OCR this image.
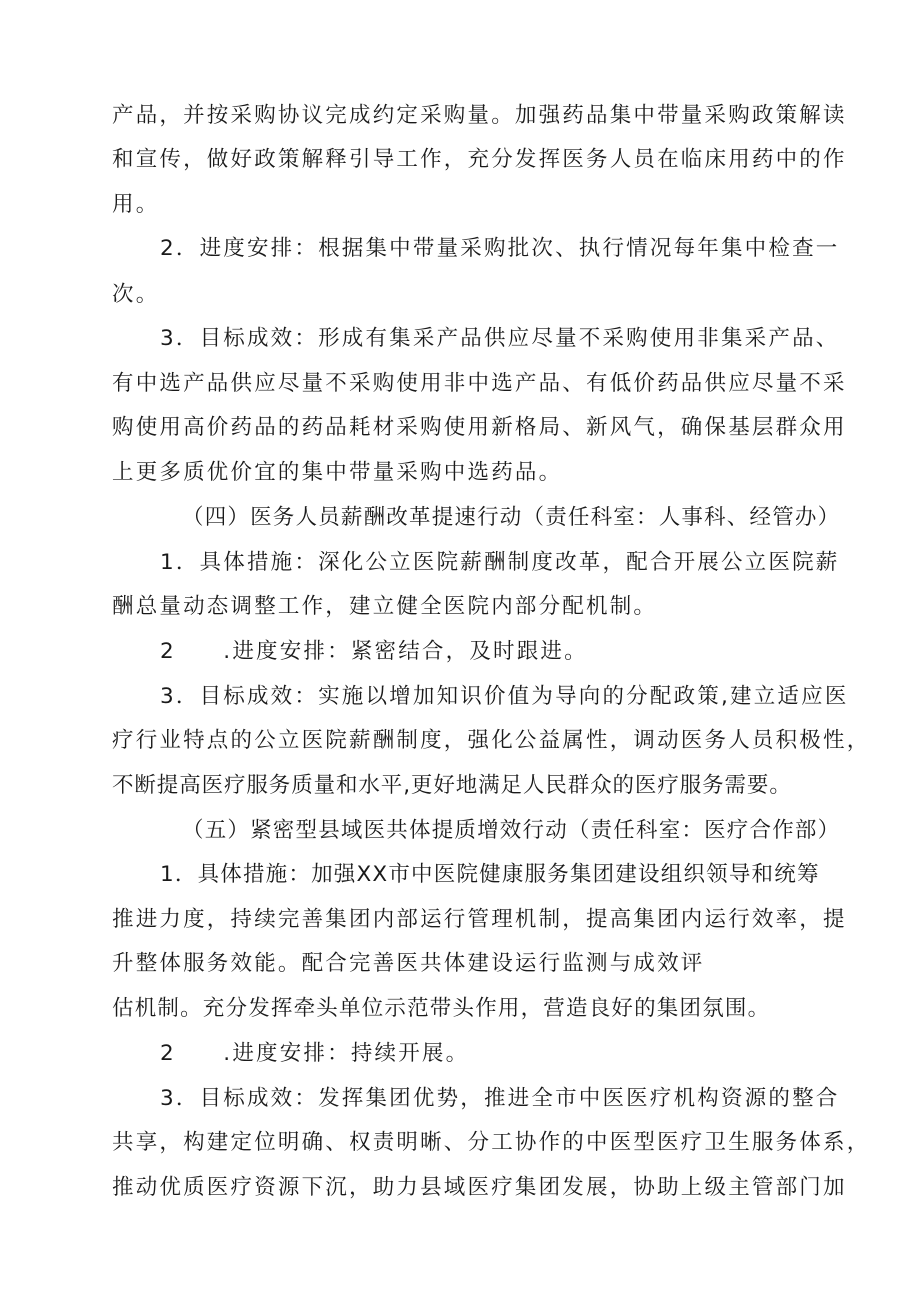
产品，并按采购协议完成约定采购量。加强药品集中带量采购政策解读
和宣传，做好政策解释引导工作，充分发挥医务人员在临床用药中的作
用。
2．进度安排：根据集中带量采购批次、执行情况每年集中检查一
次。
3．目标成效：形成有集采产品供应尽量不采购使用非集采产品、
有中选产品供应尽量不采购使用非中选产品、有低价药品供应尽量不采
购使用高价药品的药品耗材采购使用新格局、新风气，确保基层群众用
上更多质优价宜的集中带量采购中选药品。
（四）医务人员薪酬改革提速行动（责任科室：人事科、经管办）
1．具体措施：深化公立医院薪酬制度改革，配合开展公立医院薪
酬总量动态调整工作，建立健全医院内部分配机制。
2　　.进度安排：紧密结合，及时跟进。
3．目标成效：实施以增加知识价值为导向的分配政策,建立适应医
疗行业特点的公立医院薪酬制度，强化公益属性，调动医务人员积极性，
不断提高医疗服务质量和水平,更好地满足人民群众的医疗服务需要。
（五）紧密型县域医共体提质增效行动（责任科室：医疗合作部）
1．具体措施：加强XX市中医院健康服务集团建设组织领导和统筹
推进力度，持续完善集团内部运行管理机制，提高集团内运行效率，提
升整体服务效能。配合完善医共体建设运行监测与成效评
估机制。充分发挥牵头单位示范带头作用，营造良好的集团氛围。
2　　.进度安排：持续开展。
3．目标成效：发挥集团优势，推进全市中医医疗机构资源的整合
共享，构建定位明确、权责明晰、分工协作的中医型医疗卫生服务体系，
推动优质医疗资源下沉，助力县域医疗集团发展，协助上级主管部门加
